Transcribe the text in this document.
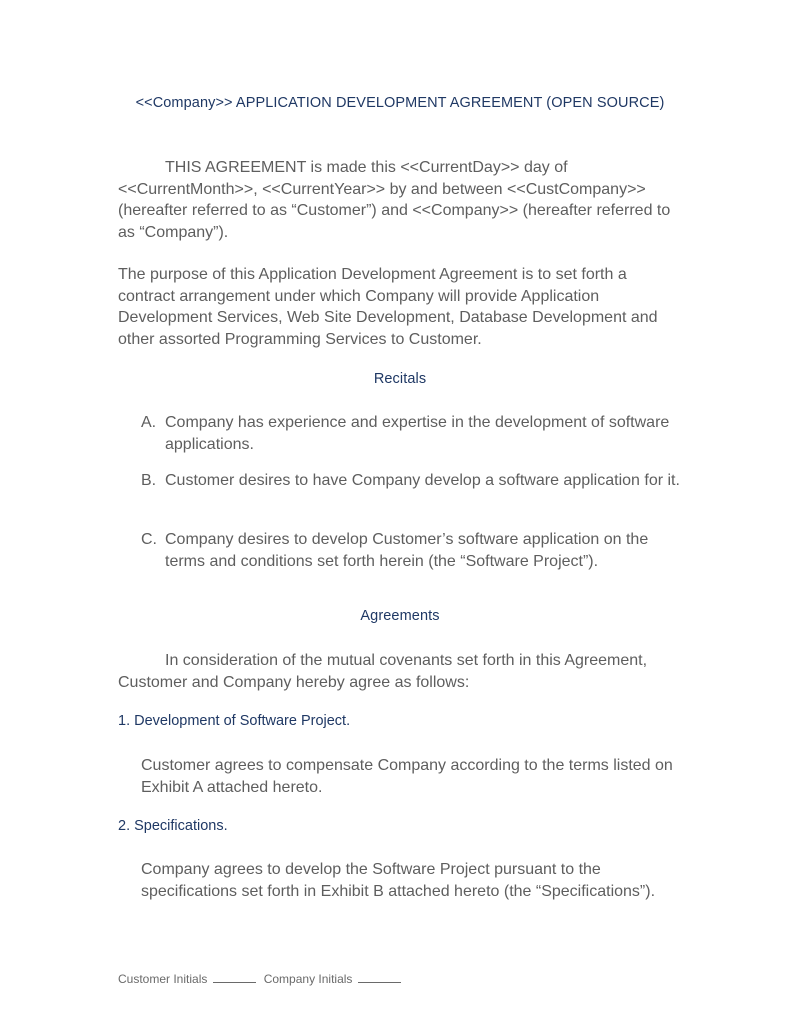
<<Company>> APPLICATION DEVELOPMENT AGREEMENT (OPEN SOURCE)
THIS AGREEMENT is made this <<CurrentDay>> day of <<CurrentMonth>>, <<CurrentYear>> by and between <<CustCompany>> (hereafter referred to as “Customer”) and <<Company>> (hereafter referred to as “Company”).
The purpose of this Application Development Agreement is to set forth a contract arrangement under which Company will provide Application Development Services, Web Site Development, Database Development and other assorted Programming Services to Customer.
Recitals
A. Company has experience and expertise in the development of software applications.
B. Customer desires to have Company develop a software application for it.
C. Company desires to develop Customer’s software application on the terms and conditions set forth herein (the “Software Project”).
Agreements
In consideration of the mutual covenants set forth in this Agreement, Customer and Company hereby agree as follows:
1. Development of Software Project.
Customer agrees to compensate Company according to the terms listed on Exhibit A attached hereto.
2. Specifications.
Company agrees to develop the Software Project pursuant to the specifications set forth in Exhibit B attached hereto (the “Specifications”).
Customer Initials	Company Initials
